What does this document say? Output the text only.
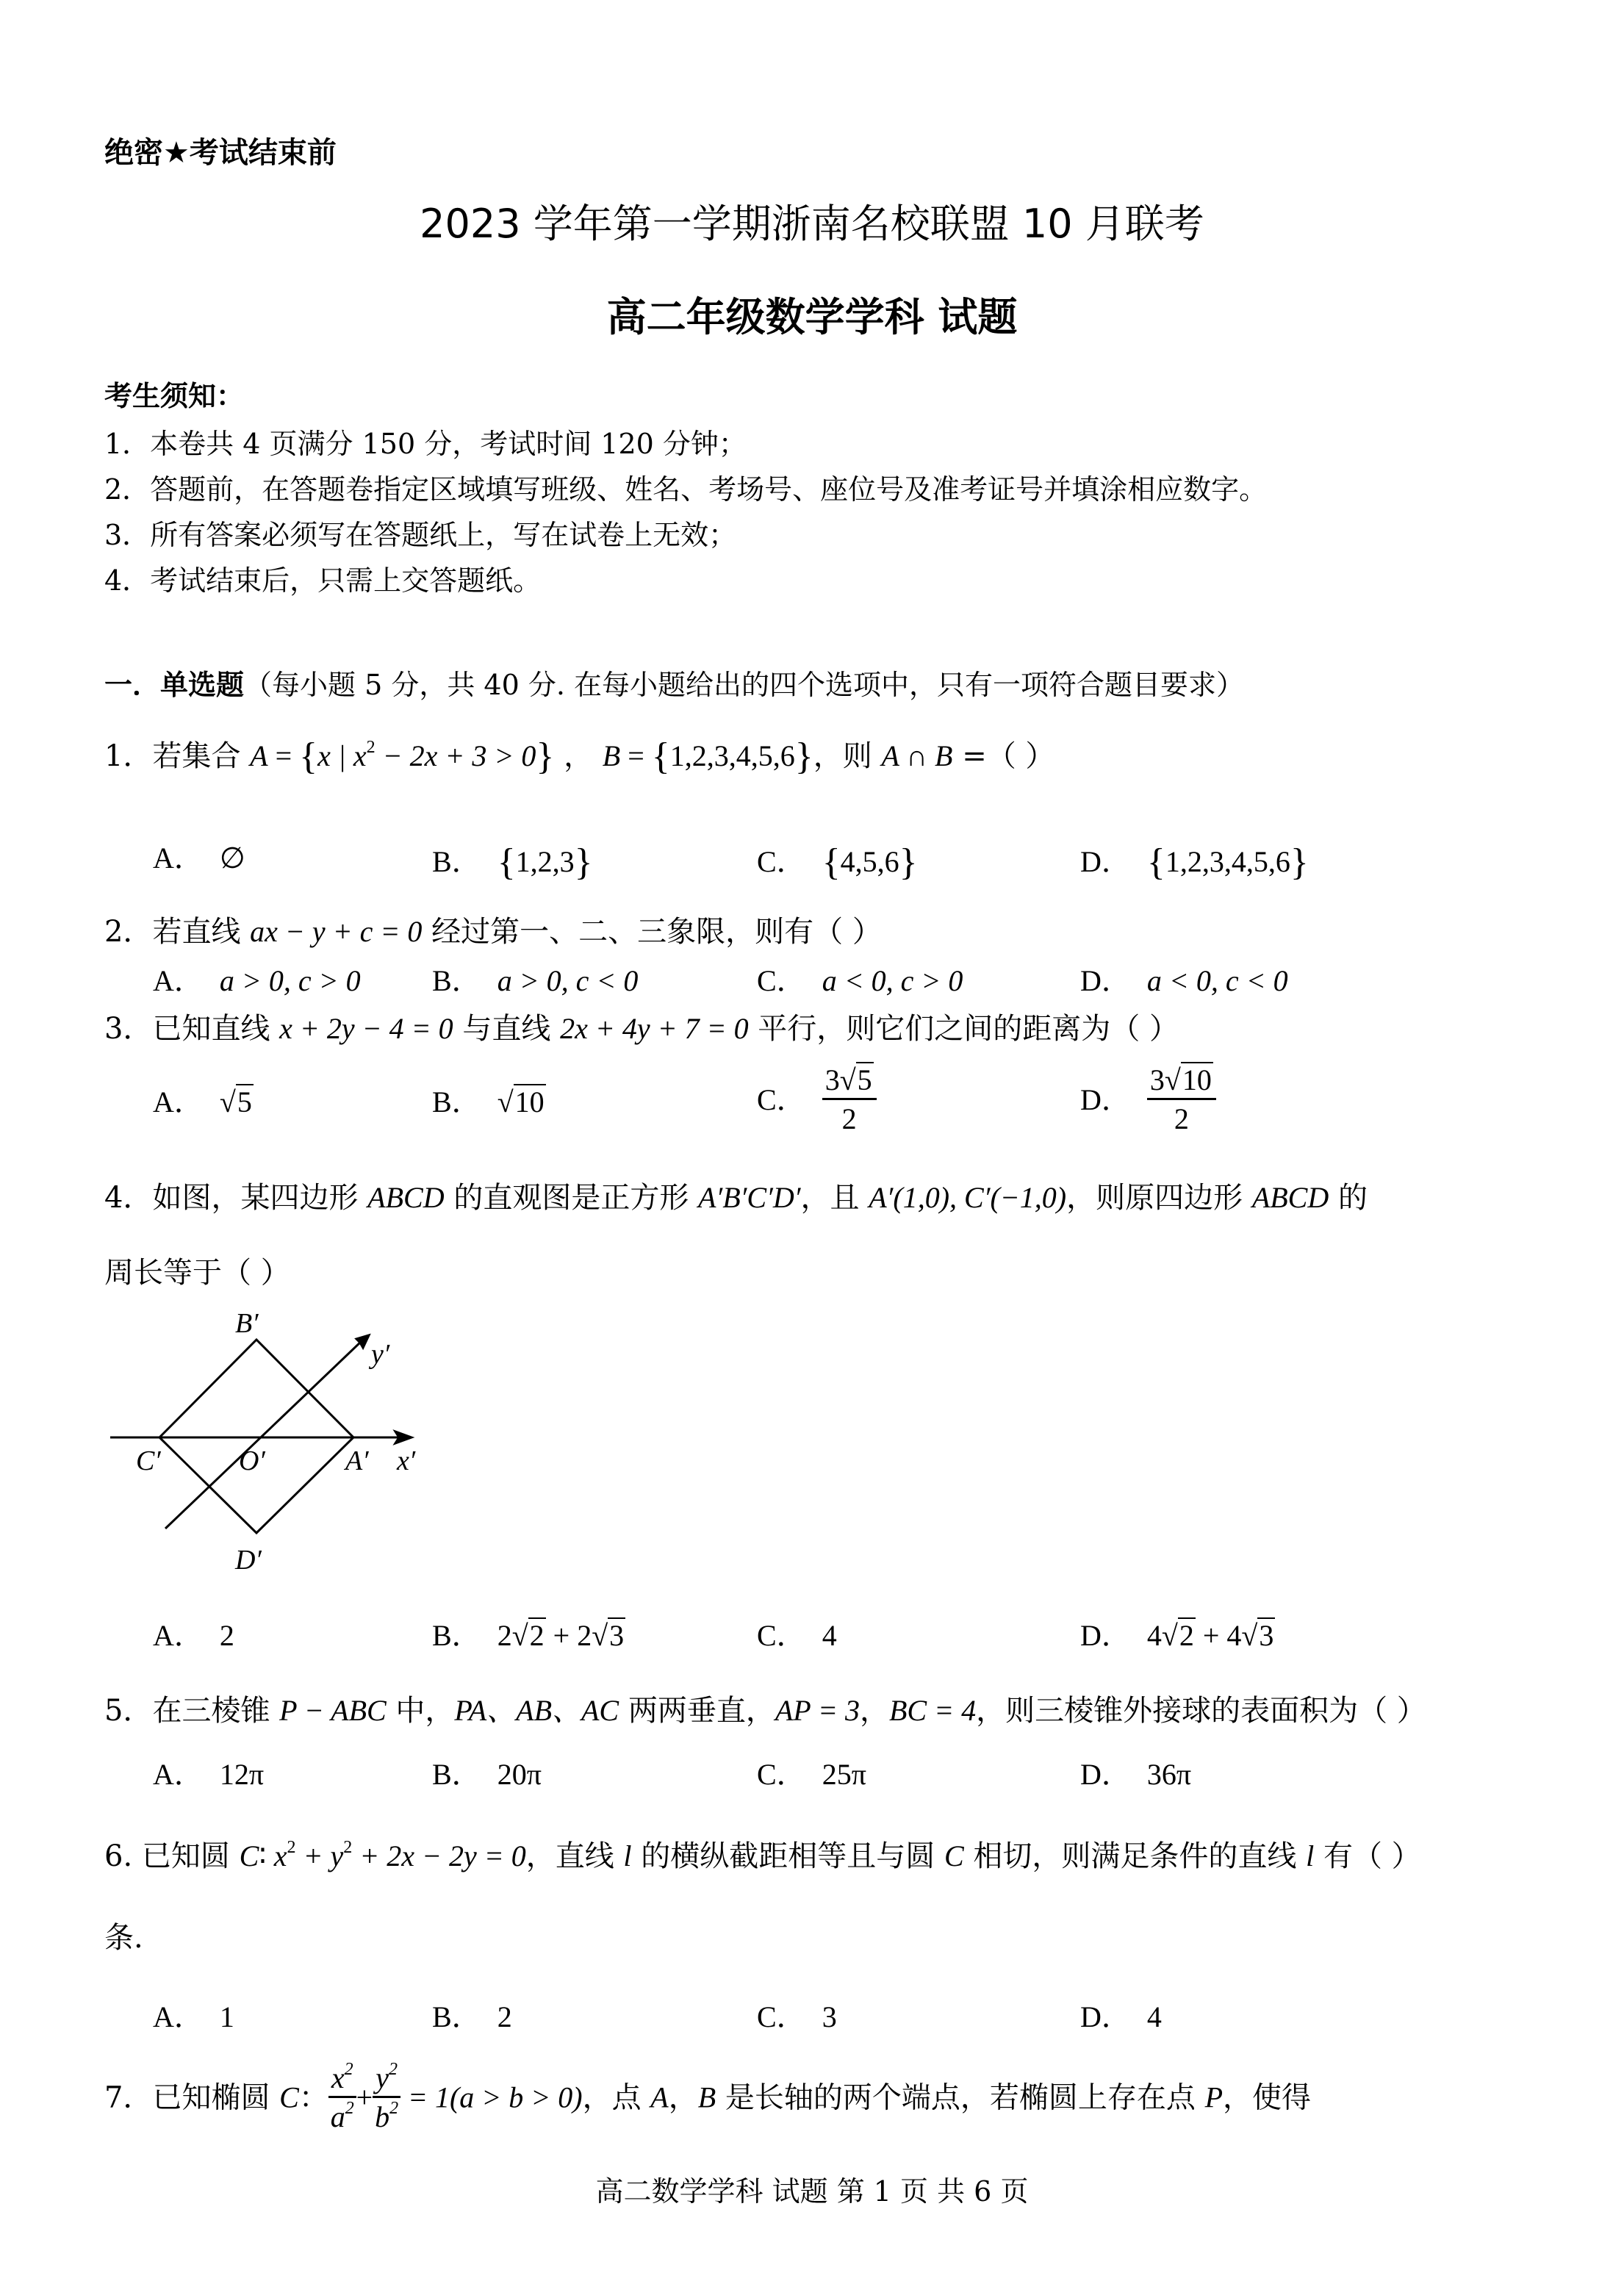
绝密★考试结束前
2023 学年第一学期浙南名校联盟 10 月联考
高二年级数学学科 试题
考生须知：
1．本卷共 4 页满分 150 分，考试时间 120 分钟；
2．答题前，在答题卷指定区域填写班级、姓名、考场号、座位号及准考证号并填涂相应数字。
3．所有答案必须写在答题纸上，写在试卷上无效；
4．考试结束后，只需上交答题纸。
一．单选题（每小题 5 分，共 40 分. 在每小题给出的四个选项中，只有一项符合题目要求）
1．若集合 A = {x | $x^2 - 2x + 3 > 0$} ， B = {1,2,3,4,5,6}，则 A ∩ B =（ ）
A． ∅	B． {1,2,3}	C． {4,5,6}	D． {1,2,3,4,5,6}
2．若直线 ax − y + c = 0 经过第一、二、三象限，则有（ ）
A． a > 0, c > 0 B． a > 0, c < 0	C． a < 0, c > 0	D． a < 0, c < 0
3．已知直线 x + 2y − 4 = 0 与直线 2x + 4y + 7 = 0 平行，则它们之间的距离为（ ）
A． √5	B． √10	C． $\frac{3√5}{2}$	D． $\frac{3√10}{2}$
4．如图，某四边形 ABCD 的直观图是正方形 A′B′C′D′，且 A′(1,0), C′(−1,0)，则原四边形 ABCD 的
周长等于（ ）
B′
C′	O′	A′ x′
y′
D′
A． 2	B． 2√2 + 2√3	C． 4	D． 4√2 + 4√3
5．在三棱锥 P − ABC 中，PA、AB、AC 两两垂直，AP = 3，BC = 4，则三棱锥外接球的表面积为（ ）
A． 12π	B． 20π	C． 25π	D． 36π
6. 已知圆 C∶ $x^2 + y^2 + 2x - 2y = 0$，直线 l 的横纵截距相等且与圆 C 相切，则满足条件的直线 l 有（ ）
条.
A． 1	B． 2	C． 3	D． 4
7．已知椭圆 C： $\frac{x^2}{a^2} + \frac{y^2}{b^2} = 1(a > b > 0)$，点 A，B 是长轴的两个端点，若椭圆上存在点 P，使得
高二数学学科 试题 第 1 页 共 6 页
